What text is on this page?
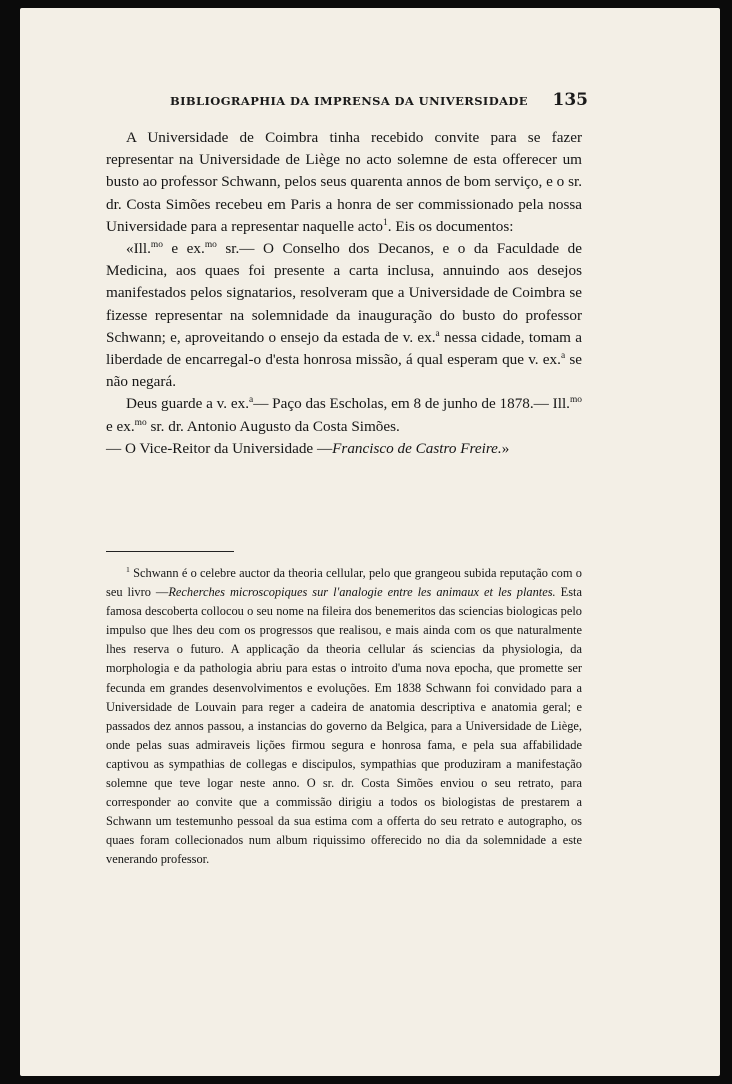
BIBLIOGRAPHIA DA IMPRENSA DA UNIVERSIDADE 135

A Universidade de Coimbra tinha recebido convite para se fazer representar na Universidade de Liège no acto solemne de esta offerecer um busto ao professor Schwann, pelos seus quarenta annos de bom serviço, e o sr. dr. Costa Simões recebeu em Paris a honra de ser commissionado pela nossa Universidade para a representar naquelle acto$^1$. Eis os documentos:

«Ill.$^{mo}$ e ex.$^{mo}$ sr.— O Conselho dos Decanos, e o da Faculdade de Medicina, aos quaes foi presente a carta inclusa, annuindo aos desejos manifestados pelos signatarios, resolveram que a Universidade de Coimbra se fizesse representar na solemnidade da inauguração do busto do professor Schwann; e, aproveitando o ensejo da estada de v. ex.$^a$ nessa cidade, tomam a liberdade de encarregal-o d'esta honrosa missão, á qual esperam que v. ex.$^a$ se não negará.

Deus guarde a v. ex.$^a$— Paço das Escholas, em 8 de junho de 1878.— Ill.$^{mo}$ e ex.$^{mo}$ sr. dr. Antonio Augusto da Costa Simões.

— O Vice-Reitor da Universidade —Francisco de Castro Freire.»

$^1$ Schwann é o celebre auctor da theoria cellular, pelo que grangeou subida reputação com o seu livro —Recherches microscopiques sur l'analogie entre les animaux et les plantes. Esta famosa descoberta collocou o seu nome na fileira dos benemeritos das sciencias biologicas pelo impulso que lhes deu com os progressos que realisou, e mais ainda com os que naturalmente lhes reserva o futuro. A applicação da theoria cellular ás sciencias da physiologia, da morphologia e da pathologia abriu para estas o introito d'uma nova epocha, que promette ser fecunda em grandes desenvolvimentos e evoluções. Em 1838 Schwann foi convidado para a Universidade de Louvain para reger a cadeira de anatomia descriptiva e anatomia geral; e passados dez annos passou, a instancias do governo da Belgica, para a Universidade de Liège, onde pelas suas admiraveis lições firmou segura e honrosa fama, e pela sua affabilidade captivou as sympathias de collegas e discipulos, sympathias que produziram a manifestação solemne que teve logar neste anno. O sr. dr. Costa Simões enviou o seu retrato, para corresponder ao convite que a commissão dirigiu a todos os biologistas de prestarem a Schwann um testemunho pessoal da sua estima com a offerta do seu retrato e autographo, os quaes foram collecionados num album riquissimo offerecido no dia da solemnidade a este venerando professor.
